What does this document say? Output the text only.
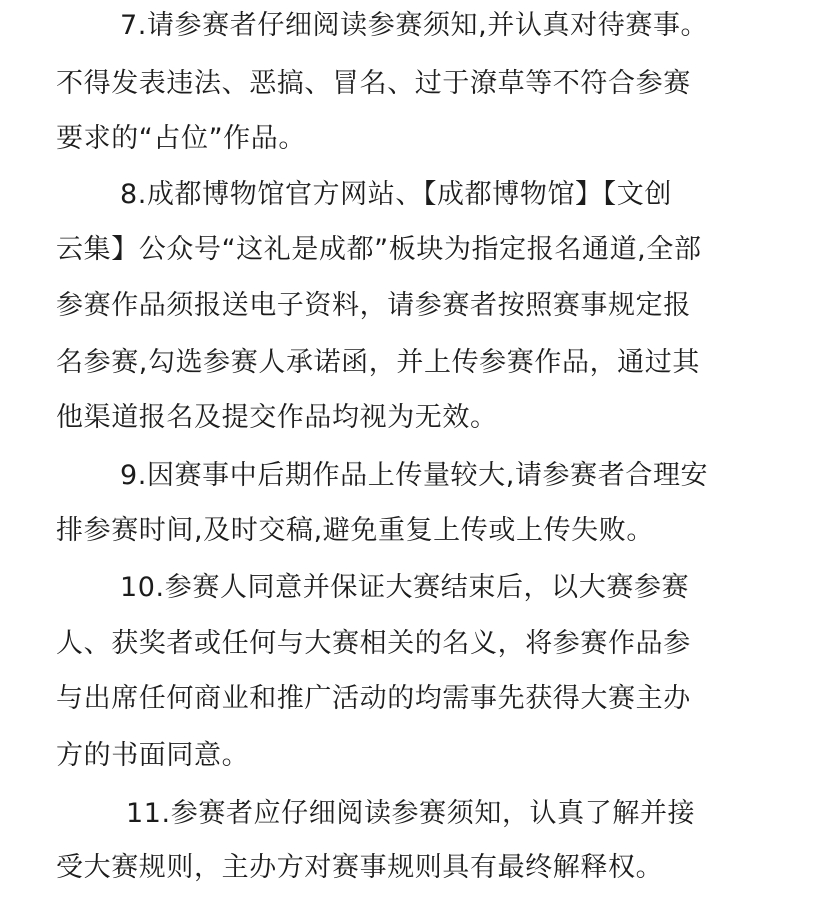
7.请参赛者仔细阅读参赛须知,并认真对待赛事。

不得发表违法、恶搞、冒名、过于潦草等不符合参赛

要求的“占位”作品。

8.成都博物馆官方网站、【成都博物馆】【文创

云集】公众号“这礼是成都”板块为指定报名通道,全部

参赛作品须报送电子资料，请参赛者按照赛事规定报

名参赛,勾选参赛人承诺函，并上传参赛作品，通过其

他渠道报名及提交作品均视为无效。

9.因赛事中后期作品上传量较大,请参赛者合理安

排参赛时间,及时交稿,避免重复上传或上传失败。

10.参赛人同意并保证大赛结束后，以大赛参赛

人、获奖者或任何与大赛相关的名义，将参赛作品参

与出席任何商业和推广活动的均需事先获得大赛主办

方的书面同意。

11.参赛者应仔细阅读参赛须知，认真了解并接

受大赛规则，主办方对赛事规则具有最终解释权。
